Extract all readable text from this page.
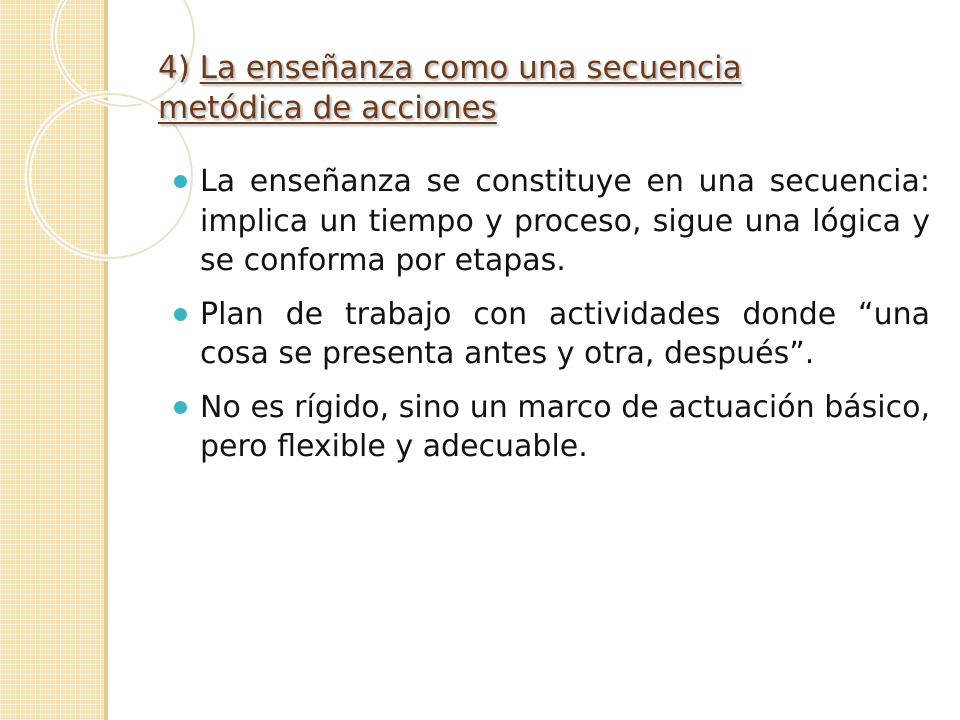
4) La enseñanza como una secuencia metódica de acciones
La enseñanza se constituye en una secuencia: implica un tiempo y proceso, sigue una lógica y se conforma por etapas.
Plan de trabajo con actividades donde “una cosa se presenta antes y otra, después”.
No es rígido, sino un marco de actuación básico, pero flexible y adecuable.
